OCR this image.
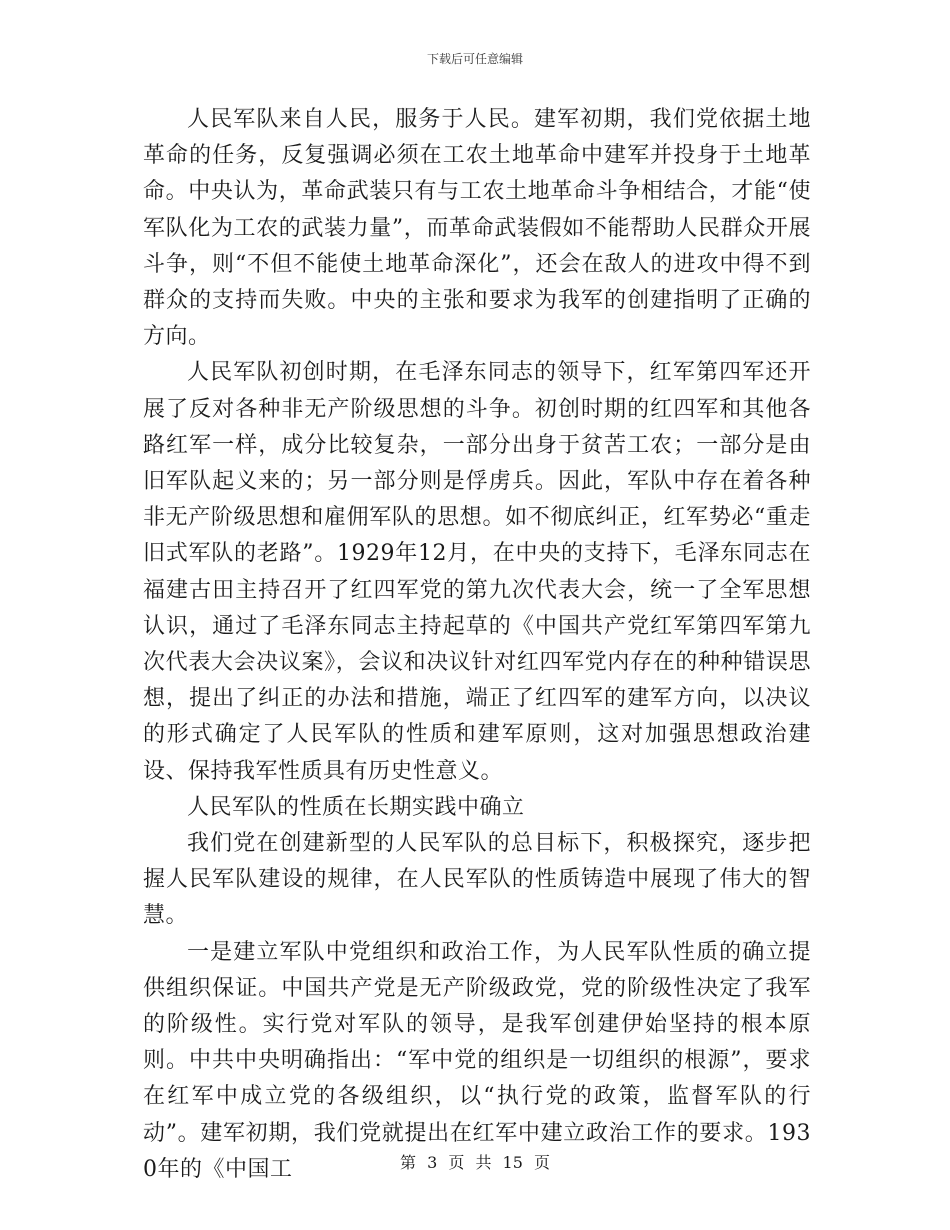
下载后可任意编辑

人民军队来自人民，服务于人民。建军初期，我们党依据土地革命的任务，反复强调必须在工农土地革命中建军并投身于土地革命。中央认为，革命武装只有与工农土地革命斗争相结合，才能“使军队化为工农的武装力量”，而革命武装假如不能帮助人民群众开展斗争，则“不但不能使土地革命深化”，还会在敌人的进攻中得不到群众的支持而失败。中央的主张和要求为我军的创建指明了正确的方向。

人民军队初创时期，在毛泽东同志的领导下，红军第四军还开展了反对各种非无产阶级思想的斗争。初创时期的红四军和其他各路红军一样，成分比较复杂，一部分出身于贫苦工农；一部分是由旧军队起义来的；另一部分则是俘虏兵。因此，军队中存在着各种非无产阶级思想和雇佣军队的思想。如不彻底纠正，红军势必“重走旧式军队的老路”。1929年12月，在中央的支持下，毛泽东同志在福建古田主持召开了红四军党的第九次代表大会，统一了全军思想认识，通过了毛泽东同志主持起草的《中国共产党红军第四军第九次代表大会决议案》，会议和决议针对红四军党内存在的种种错误思想，提出了纠正的办法和措施，端正了红四军的建军方向，以决议的形式确定了人民军队的性质和建军原则，这对加强思想政治建设、保持我军性质具有历史性意义。

人民军队的性质在长期实践中确立

我们党在创建新型的人民军队的总目标下，积极探究，逐步把握人民军队建设的规律，在人民军队的性质铸造中展现了伟大的智慧。

一是建立军队中党组织和政治工作，为人民军队性质的确立提供组织保证。中国共产党是无产阶级政党，党的阶级性决定了我军的阶级性。实行党对军队的领导，是我军创建伊始坚持的根本原则。中共中央明确指出：“军中党的组织是一切组织的根源”，要求在红军中成立党的各级组织，以“执行党的政策，监督军队的行动”。建军初期，我们党就提出在红军中建立政治工作的要求。1930年的《中国工	第 3 页 共 15 页
